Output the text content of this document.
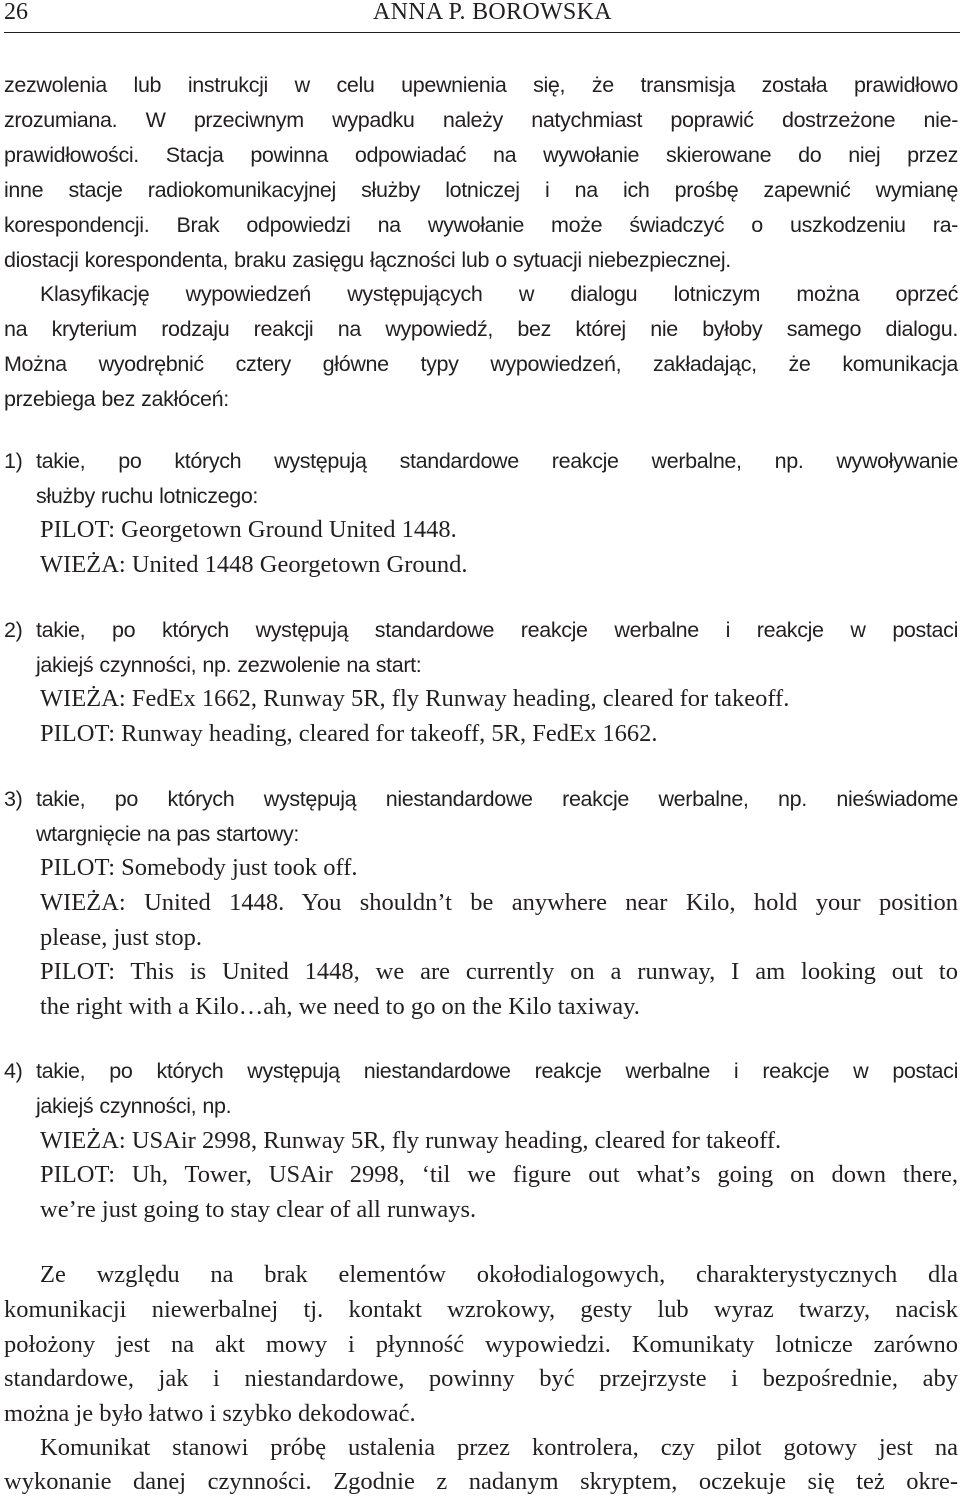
26	ANNA P. BOROWSKA
zezwolenia lub instrukcji w celu upewnienia się, że transmisja została prawidłowo
zrozumiana. W przeciwnym wypadku należy natychmiast poprawić dostrzeżone nie-
prawidłowości. Stacja powinna odpowiadać na wywołanie skierowane do niej przez
inne stacje radiokomunikacyjnej służby lotniczej i na ich prośbę zapewnić wymianę
korespondencji. Brak odpowiedzi na wywołanie może świadczyć o uszkodzeniu ra-
diostacji korespondenta, braku zasięgu łączności lub o sytuacji niebezpiecznej.
Klasyfikację wypowiedzeń występujących w dialogu lotniczym można oprzeć
na kryterium rodzaju reakcji na wypowiedź, bez której nie byłoby samego dialogu.
Można wyodrębnić cztery główne typy wypowiedzeń, zakładając, że komunikacja
przebiega bez zakłóceń:
1) takie, po których występują standardowe reakcje werbalne, np. wywoływanie
służby ruchu lotniczego:
PILOT: Georgetown Ground United 1448.
WIEŻA: United 1448 Georgetown Ground.
2) takie, po których występują standardowe reakcje werbalne i reakcje w postaci
jakiejś czynności, np. zezwolenie na start:
WIEŻA: FedEx 1662, Runway 5R, fly Runway heading, cleared for takeoff.
PILOT: Runway heading, cleared for takeoff, 5R, FedEx 1662.
3) takie, po których występują niestandardowe reakcje werbalne, np. nieświadome
wtargnięcie na pas startowy:
PILOT: Somebody just took off.
WIEŻA: United 1448. You shouldn’t be anywhere near Kilo, hold your position
please, just stop.
PILOT: This is United 1448, we are currently on a runway, I am looking out to
the right with a Kilo…ah, we need to go on the Kilo taxiway.
4) takie, po których występują niestandardowe reakcje werbalne i reakcje w postaci
jakiejś czynności, np.
WIEŻA: USAir 2998, Runway 5R, fly runway heading, cleared for takeoff.
PILOT: Uh, Tower, USAir 2998, ‘til we figure out what’s going on down there,
we’re just going to stay clear of all runways.
Ze względu na brak elementów okołodialogowych, charakterystycznych dla
komunikacji niewerbalnej tj. kontakt wzrokowy, gesty lub wyraz twarzy, nacisk
położony jest na akt mowy i płynność wypowiedzi. Komunikaty lotnicze zarówno
standardowe, jak i niestandardowe, powinny być przejrzyste i bezpośrednie, aby
można je było łatwo i szybko dekodować.
Komunikat stanowi próbę ustalenia przez kontrolera, czy pilot gotowy jest na
wykonanie danej czynności. Zgodnie z nadanym skryptem, oczekuje się też okre-
